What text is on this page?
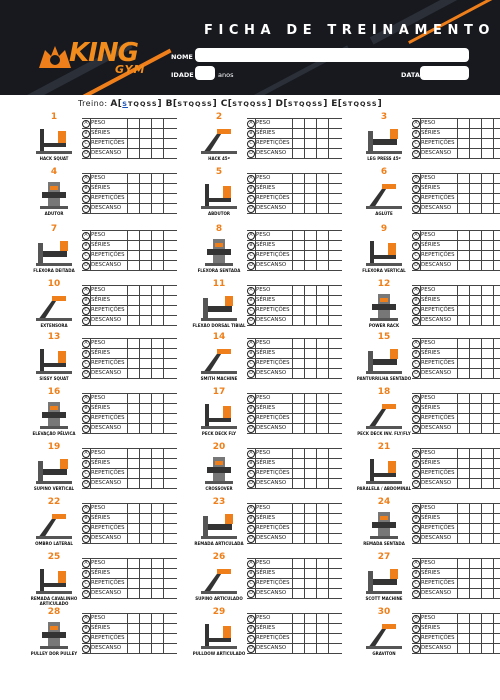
KING
GYM
FICHA DE TREINAMENTO
NOME
IDADE	anos	DATA
Treino: A[STQQSS] B[STQQSS] C[STQQSS] D[STQQSS] E[STQQSS]
1
HACK SQUAT
A PESO
B SÉRIES
C REPETIÇÕES
D DESCANSO
2
HACK 45º
A PESO
B SÉRIES
C REPETIÇÕES
D DESCANSO
3
LEG PRESS 45º
A PESO
B SÉRIES
C REPETIÇÕES
D DESCANSO
4
ADUTOR
A PESO
B SÉRIES
C REPETIÇÕES
D DESCANSO
5
ABDUTOR
A PESO
B SÉRIES
C REPETIÇÕES
D DESCANSO
6
AGLÚTE
A PESO
B SÉRIES
C REPETIÇÕES
D DESCANSO
7
FLEXORA DEITADA
A PESO
B SÉRIES
C REPETIÇÕES
D DESCANSO
8
FLEXORA SENTADA
A PESO
B SÉRIES
C REPETIÇÕES
D DESCANSO
9
FLEXORA VERTICAL
A PESO
B SÉRIES
C REPETIÇÕES
D DESCANSO
10
EXTENSORA
A PESO
B SÉRIES
C REPETIÇÕES
D DESCANSO
11
FLEXÃO DORSAL TIBIAL
A PESO
B SÉRIES
C REPETIÇÕES
D DESCANSO
12
POWER RACK
A PESO
B SÉRIES
C REPETIÇÕES
D DESCANSO
13
SISSY SQUAT
A PESO
B SÉRIES
C REPETIÇÕES
D DESCANSO
14
SMITH MACHINE
A PESO
B SÉRIES
C REPETIÇÕES
D DESCANSO
15
PANTURRILHA SENTADO
A PESO
B SÉRIES
C REPETIÇÕES
D DESCANSO
16
ELEVAÇÃO PÉLVICA
A PESO
B SÉRIES
C REPETIÇÕES
D DESCANSO
17
PECK DECK FLY
A PESO
B SÉRIES
C REPETIÇÕES
D DESCANSO
18
PECK DECK INV. FLY/FLY
A PESO
B SÉRIES
C REPETIÇÕES
D DESCANSO
19
SUPINO VERTICAL
A PESO
B SÉRIES
C REPETIÇÕES
D DESCANSO
20
CROSSOVER
A PESO
B SÉRIES
C REPETIÇÕES
D DESCANSO
21
PARALELA / ABDOMINAL
A PESO
B SÉRIES
C REPETIÇÕES
D DESCANSO
22
OMBRO LATERAL
A PESO
B SÉRIES
C REPETIÇÕES
D DESCANSO
23
REMADA ARTICULADA
A PESO
B SÉRIES
C REPETIÇÕES
D DESCANSO
24
REMADA SENTADA
A PESO
B SÉRIES
C REPETIÇÕES
D DESCANSO
25
REMADA CAVALINHO ARTICULADO
A PESO
B SÉRIES
C REPETIÇÕES
D DESCANSO
26
SUPINO ARTICULADO
A PESO
B SÉRIES
C REPETIÇÕES
D DESCANSO
27
SCOTT MACHINE
A PESO
B SÉRIES
C REPETIÇÕES
D DESCANSO
28
PULLEY DOR PULLEY
A PESO
B SÉRIES
C REPETIÇÕES
D DESCANSO
29
PULLDOW ARTICULADO
A PESO
B SÉRIES
C REPETIÇÕES
D DESCANSO
30
GRAVITON
A PESO
B SÉRIES
C REPETIÇÕES
D DESCANSO
